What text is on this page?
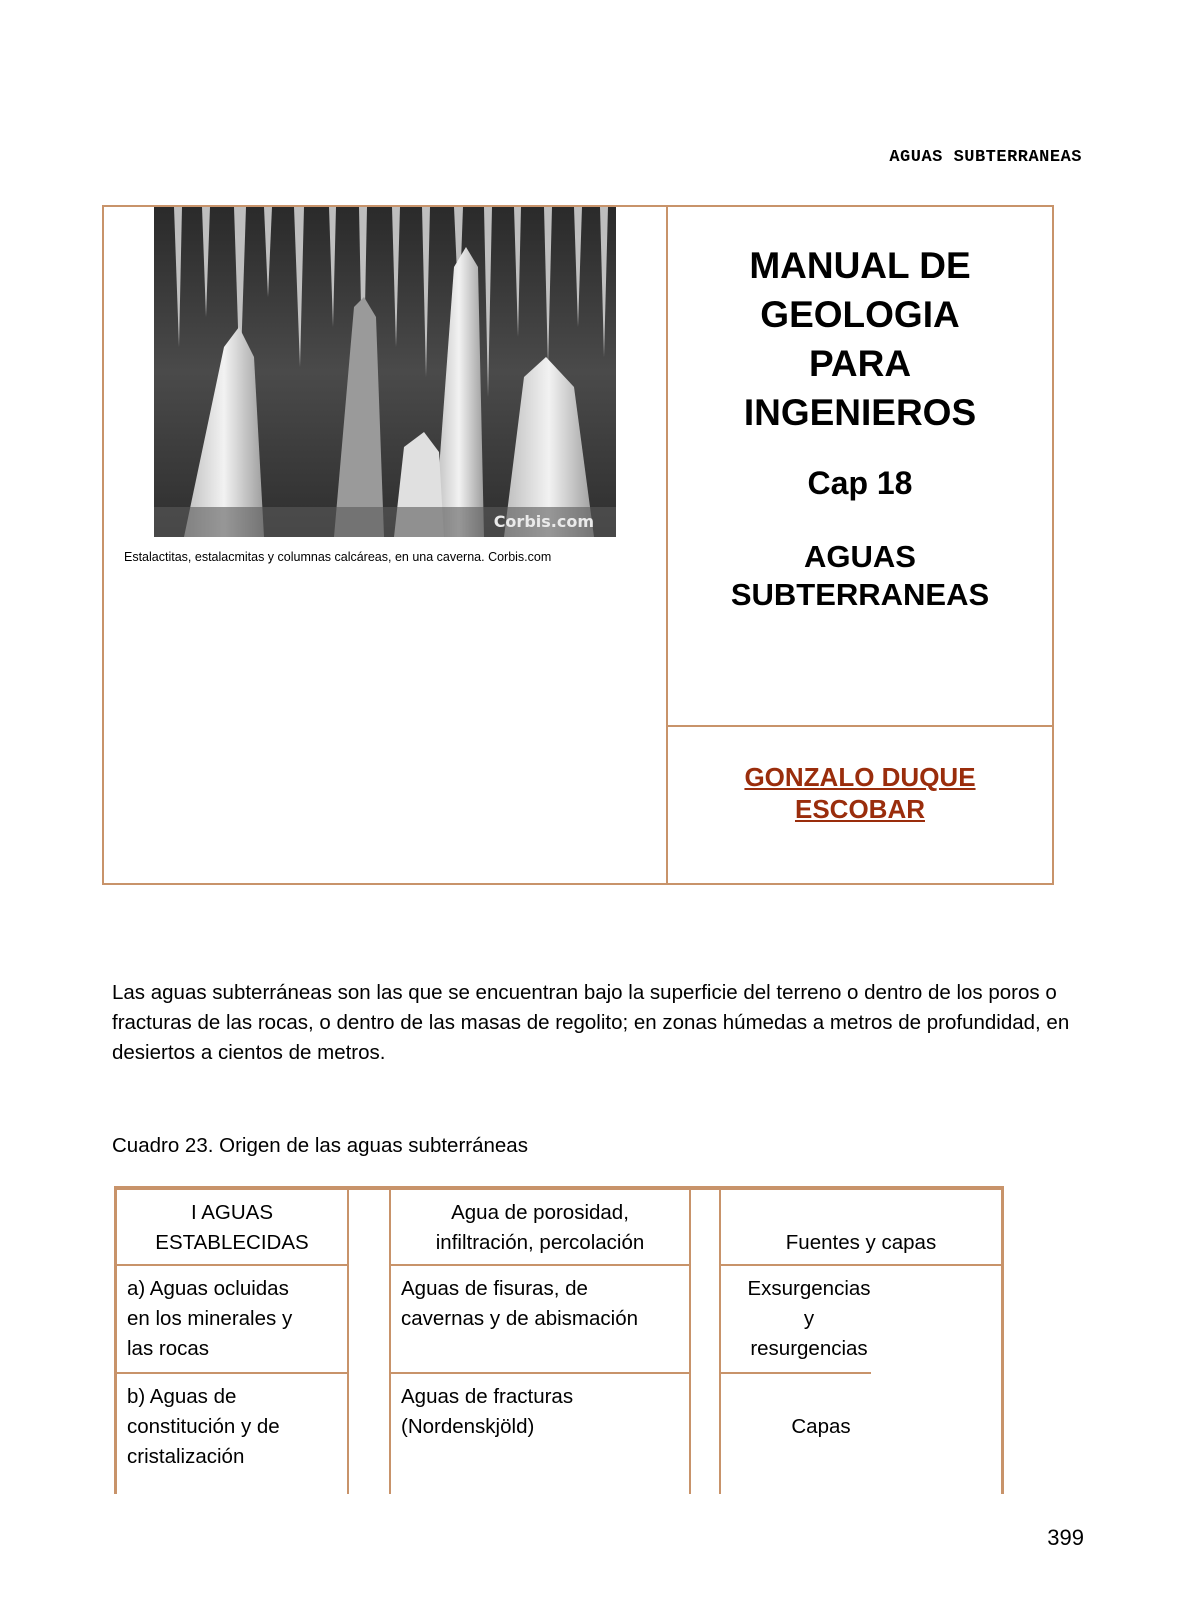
AGUAS SUBTERRANEAS
Corbis.com
Estalactitas, estalacmitas y columnas calcáreas, en una caverna. Corbis.com
MANUAL DE
GEOLOGIA
PARA
INGENIEROS
Cap 18
AGUAS
SUBTERRANEAS
GONZALO DUQUE
ESCOBAR

Las aguas subterráneas son las que se encuentran bajo la superficie del terreno o dentro de los poros o fracturas de las rocas, o dentro de las masas de regolito; en zonas húmedas a metros de profundidad, en desiertos a cientos de metros.

Cuadro 23. Origen de las aguas subterráneas
I AGUAS
ESTABLECIDAS
a) Aguas ocluidas
en los minerales y
las rocas
b) Aguas de
constitución y de
cristalización
Agua de porosidad,
infiltración, percolación
Aguas de fisuras, de
cavernas y de abismación
Aguas de fracturas
(Nordenskjöld)
Fuentes y capas
Exsurgencias
y
resurgencias
Capas
399
